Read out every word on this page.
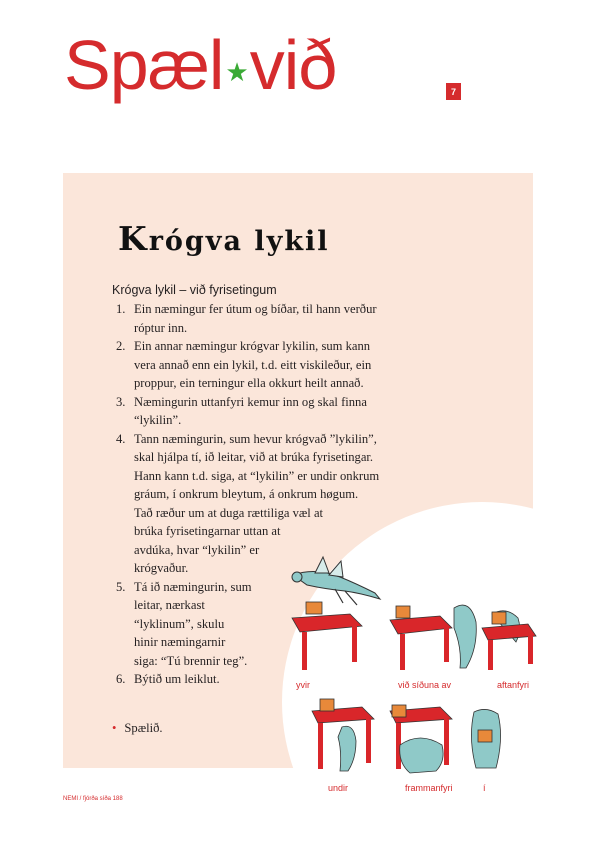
Spæl ★ við	7
Krógva lykil
Krógva lykil – við fyrisetingum
1. Ein næmingur fer útum og bíðar, til hann verður
róptur inn.
2. Ein annar næmingur krógvar lykilin, sum kann
vera annað enn ein lykil, t.d. eitt viskileður, ein
proppur, ein terningur ella okkurt heilt annað.
3. Næmingurin uttanfyri kemur inn og skal finna
“lykilin”.
4. Tann næmingurin, sum hevur krógvað ”lykilin”,
skal hjálpa tí, ið leitar, við at brúka fyrisetingar.
Hann kann t.d. siga, at “lykilin” er undir onkrum
gráum, í onkrum bleytum, á onkrum høgum.
Tað ræður um at duga rættiliga væl at
brúka fyrisetingarnar uttan at
avdúka, hvar “lykilin” er
krógvaður.
5. Tá ið næmingurin, sum
leitar, nærkast
“lyklinum”, skulu
hinir næmingarnir
siga: “Tú brennir teg”.
6. Býtið um leiklut.
• Spælið.
yvir	við síðuna av	aftanfyri
undir	frammanfyri	í
NEMI / fjórða síða 188
